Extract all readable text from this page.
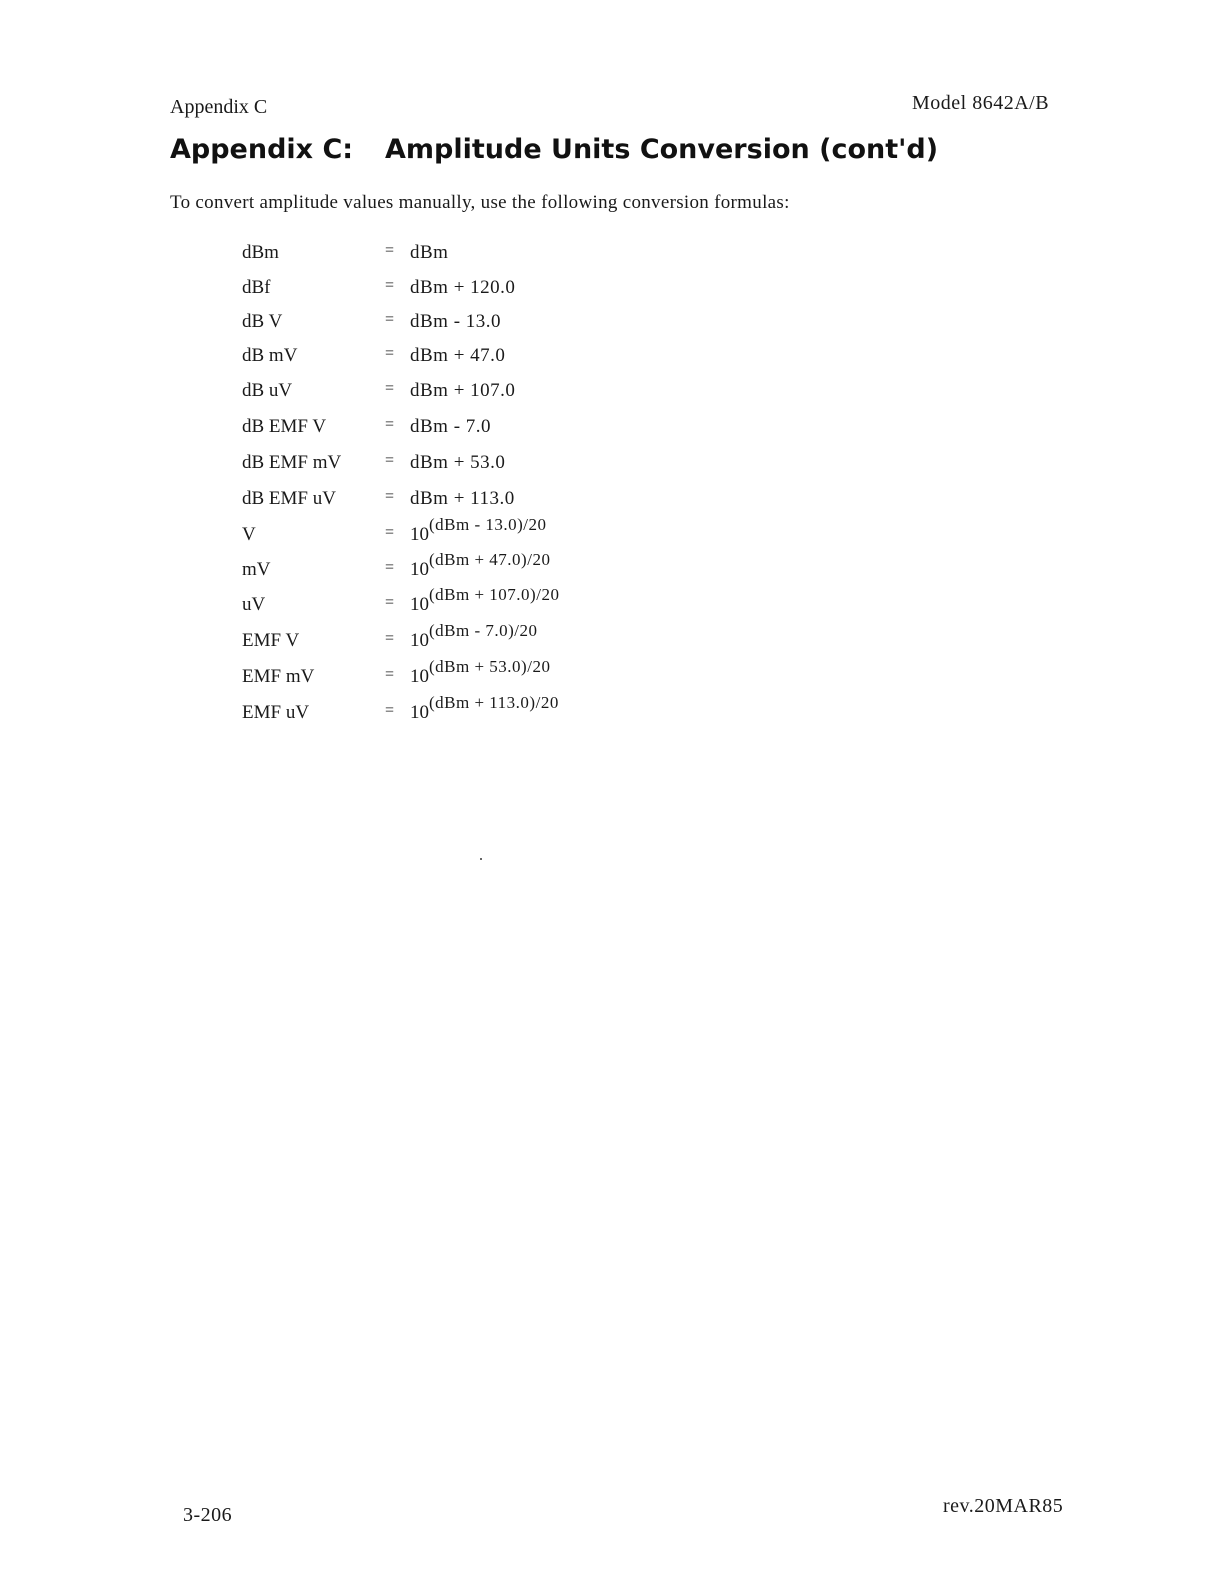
Appendix C	Model 8642A/B
Appendix C: Amplitude Units Conversion (cont'd)
To convert amplitude values manually, use the following conversion formulas:
dBm	= dBm
dBf	= dBm + 120.0
dB V	= dBm - 13.0
dB mV	= dBm + 47.0
dB uV	= dBm + 107.0
dB EMF V	= dBm - 7.0
dB EMF mV	= dBm + 53.0
dB EMF uV	= dBm + 113.0
V	= 10(dBm - 13.0)/20
mV	= 10(dBm + 47.0)/20
uV	= 10(dBm + 107.0)/20
EMF V	= 10(dBm - 7.0)/20
EMF mV	= 10(dBm + 53.0)/20
EMF uV	= 10(dBm + 113.0)/20
3-206	rev.20MAR85
